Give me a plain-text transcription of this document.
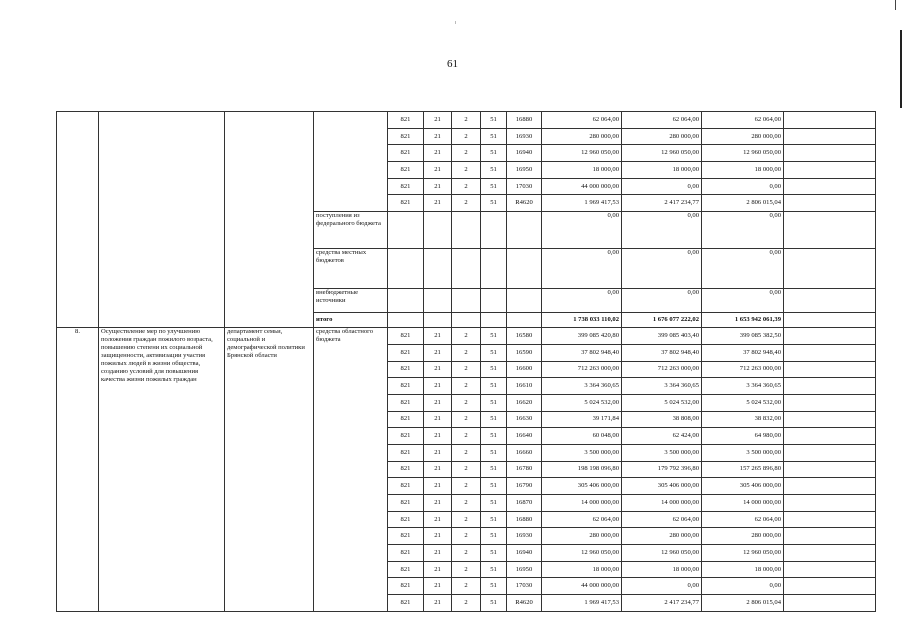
61
				821	21	2	51	16880	62 064,00	62 064,00	62 064,00	
				821	21	2	51	16930	280 000,00	280 000,00	280 000,00	
				821	21	2	51	16940	12 960 050,00	12 960 050,00	12 960 050,00	
				821	21	2	51	16950	18 000,00	18 000,00	18 000,00	
				821	21	2	51	17030	44 000 000,00	0,00	0,00	
				821	21	2	51	R4620	1 969 417,53	2 417 234,77	2 806 015,04	
			поступления из федерального бюджета						0,00	0,00	0,00	
			средства местных бюджетов						0,00	0,00	0,00	
			внебюджетные источники						0,00	0,00	0,00	
			итого						1 738 033 110,02	1 676 077 222,02	1 653 942 061,39	
8.	Осуществление мер по улучшению положения граждан пожилого возраста, повышению степени их социальной защищенности, активизации участия пожилых людей в жизни общества, созданию условий для повышения качества жизни пожилых граждан	департамент семьи, социальной и демографической политики Брянской области	средства областного бюджета	821	21	2	51	16580	399 085 420,80	399 085 403,40	399 085 382,50	
				821	21	2	51	16590	37 802 948,40	37 802 948,40	37 802 948,40	
				821	21	2	51	16600	712 263 000,00	712 263 000,00	712 263 000,00	
				821	21	2	51	16610	3 364 360,65	3 364 360,65	3 364 360,65	
				821	21	2	51	16620	5 024 532,00	5 024 532,00	5 024 532,00	
				821	21	2	51	16630	39 171,84	38 808,00	38 832,00	
				821	21	2	51	16640	60 048,00	62 424,00	64 980,00	
				821	21	2	51	16660	3 500 000,00	3 500 000,00	3 500 000,00	
				821	21	2	51	16780	198 198 096,80	179 792 396,80	157 265 896,80	
				821	21	2	51	16790	305 406 000,00	305 406 000,00	305 406 000,00	
				821	21	2	51	16870	14 000 000,00	14 000 000,00	14 000 000,00	
				821	21	2	51	16880	62 064,00	62 064,00	62 064,00	
				821	21	2	51	16930	280 000,00	280 000,00	280 000,00	
				821	21	2	51	16940	12 960 050,00	12 960 050,00	12 960 050,00	
				821	21	2	51	16950	18 000,00	18 000,00	18 000,00	
				821	21	2	51	17030	44 000 000,00	0,00	0,00	
				821	21	2	51	R4620	1 969 417,53	2 417 234,77	2 806 015,04	
